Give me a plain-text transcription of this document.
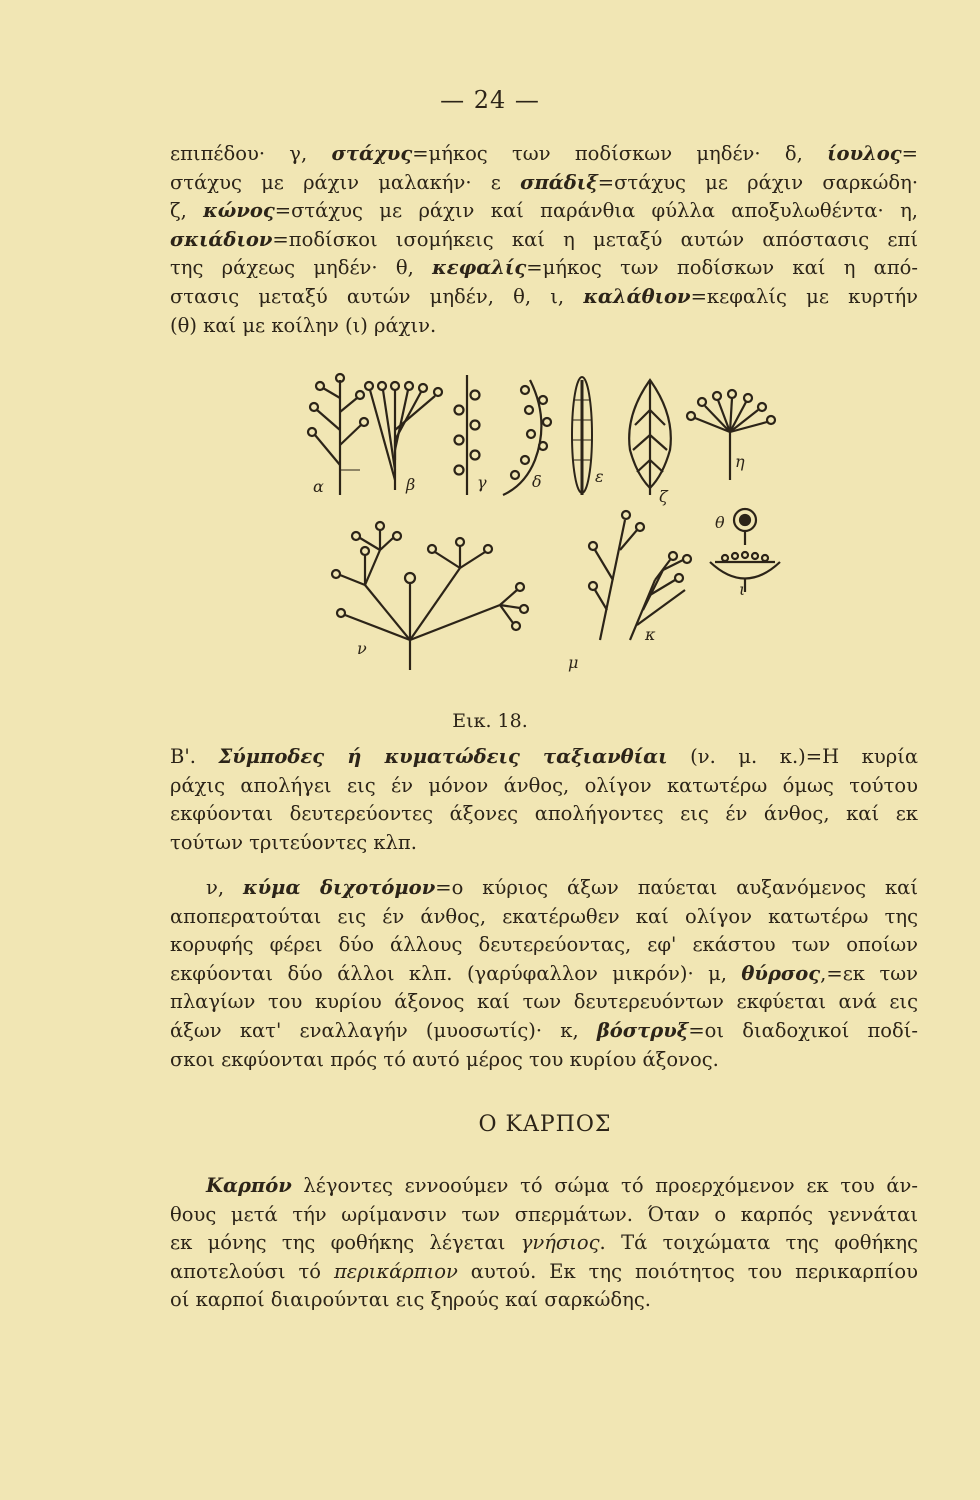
— 24 —
επιπέδου· γ, στάχυς=μήκος των ποδίσκων μηδέν· δ, ίουλος=
στάχυς με ράχιν μαλακήν· ε σπάδιξ=στάχυς με ράχιν σαρκώδη·
ζ, κώνος=στάχυς με ράχιν καί παράνθια φύλλα αποξυλωθέντα· η,
σκιάδιον=ποδίσκοι ισομήκεις καί η μεταξύ αυτών απόστασις επί
της ράχεως μηδέν· θ, κεφαλίς=μήκος των ποδίσκων καί η από-
στασις μεταξύ αυτών μηδέν, θ, ι, καλάθιον=κεφαλίς με κυρτήν
(θ) καί με κοίλην (ι) ράχιν.
α	β	γ	δ	ε
ζ
η
θ
ι
κ
μ
ν
Εικ. 18.
Β'. Σύμποδες ή κυματώδεις ταξιανθίαι (ν. μ. κ.)=Η κυρία
ράχις απολήγει εις έν μόνον άνθος, ολίγον κατωτέρω όμως τούτου
εκφύονται δευτερεύοντες άξονες απολήγοντες εις έν άνθος, καί εκ
τούτων τριτεύοντες κλπ.
ν, κύμα διχοτόμον=ο κύριος άξων παύεται αυξανόμενος καί
αποπερατούται εις έν άνθος, εκατέρωθεν καί ολίγον κατωτέρω της
κορυφής φέρει δύο άλλους δευτερεύοντας, εφ' εκάστου των οποίων
εκφύονται δύο άλλοι κλπ. (γαρύφαλλον μικρόν)· μ, θύρσος,=εκ των
πλαγίων του κυρίου άξονος καί των δευτερευόντων εκφύεται ανά εις
άξων κατ' εναλλαγήν (μυοσωτίς)· κ, βόστρυξ=οι διαδοχικοί ποδί-
σκοι εκφύονται πρός τό αυτό μέρος του κυρίου άξονος.
Ο ΚΑΡΠΟΣ
Καρπόν λέγοντες εννοούμεν τό σώμα τό προερχόμενον εκ του άν-
θους μετά τήν ωρίμανσιν των σπερμάτων. Όταν ο καρπός γεννάται
εκ μόνης της φοθήκης λέγεται γνήσιος. Τά τοιχώματα της φοθήκης
αποτελούσι τό περικάρπιον αυτού. Εκ της ποιότητος του περικαρπίου
οί καρποί διαιρούνται εις ξηρούς καί σαρκώδης.
